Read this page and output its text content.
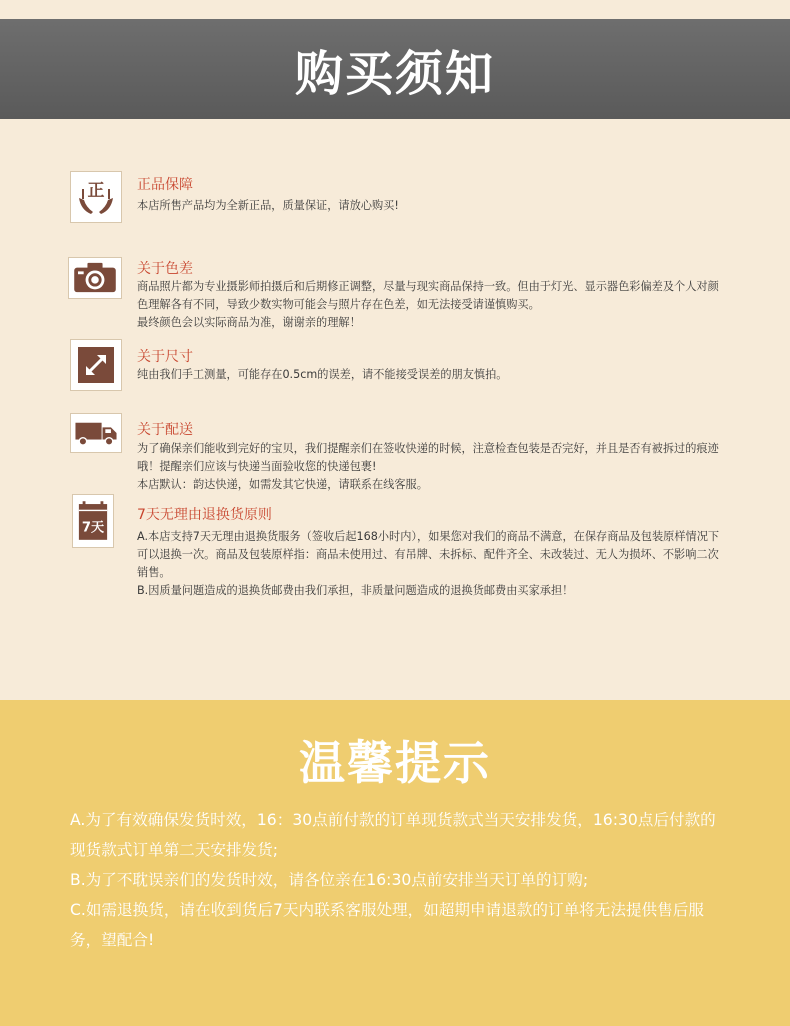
购买须知
正 正品保障

本店所售产品均为全新正品，质量保证，请放心购买!

关于色差

商品照片都为专业摄影师拍摄后和后期修正调整，尽量与现实商品保持一致。但由于灯光、显示器色彩偏差及个人对颜色理解各有不同，导致少数实物可能会与照片存在色差，如无法接受请谨慎购买。

最终颜色会以实际商品为准，谢谢亲的理解！

关于尺寸

纯由我们手工测量，可能存在0.5cm的误差，请不能接受误差的朋友慎拍。

关于配送

为了确保亲们能收到完好的宝贝，我们提醒亲们在签收快递的时候，注意检查包装是否完好，并且是否有被拆过的痕迹哦！提醒亲们应该与快递当面验收您的快递包裹!

本店默认：韵达快递，如需发其它快递，请联系在线客服。

7天
7天无理由退换货原则

A.本店支持7天无理由退换货服务（签收后起168小时内），如果您对我们的商品不满意，在保存商品及包装原样情况下可以退换一次。商品及包装原样指：商品未使用过、有吊牌、未拆标、配件齐全、未改装过、无人为损坏、不影响二次销售。

B.因质量问题造成的退换货邮费由我们承担，非质量问题造成的退换货邮费由买家承担！

温馨提示

A.为了有效确保发货时效，16：30点前付款的订单现货款式当天安排发货，16:30点后付款的现货款式订单第二天安排发货;

B.为了不耽误亲们的发货时效，请各位亲在16:30点前安排当天订单的订购;

C.如需退换货，请在收到货后7天内联系客服处理，如超期申请退款的订单将无法提供售后服务，望配合!
